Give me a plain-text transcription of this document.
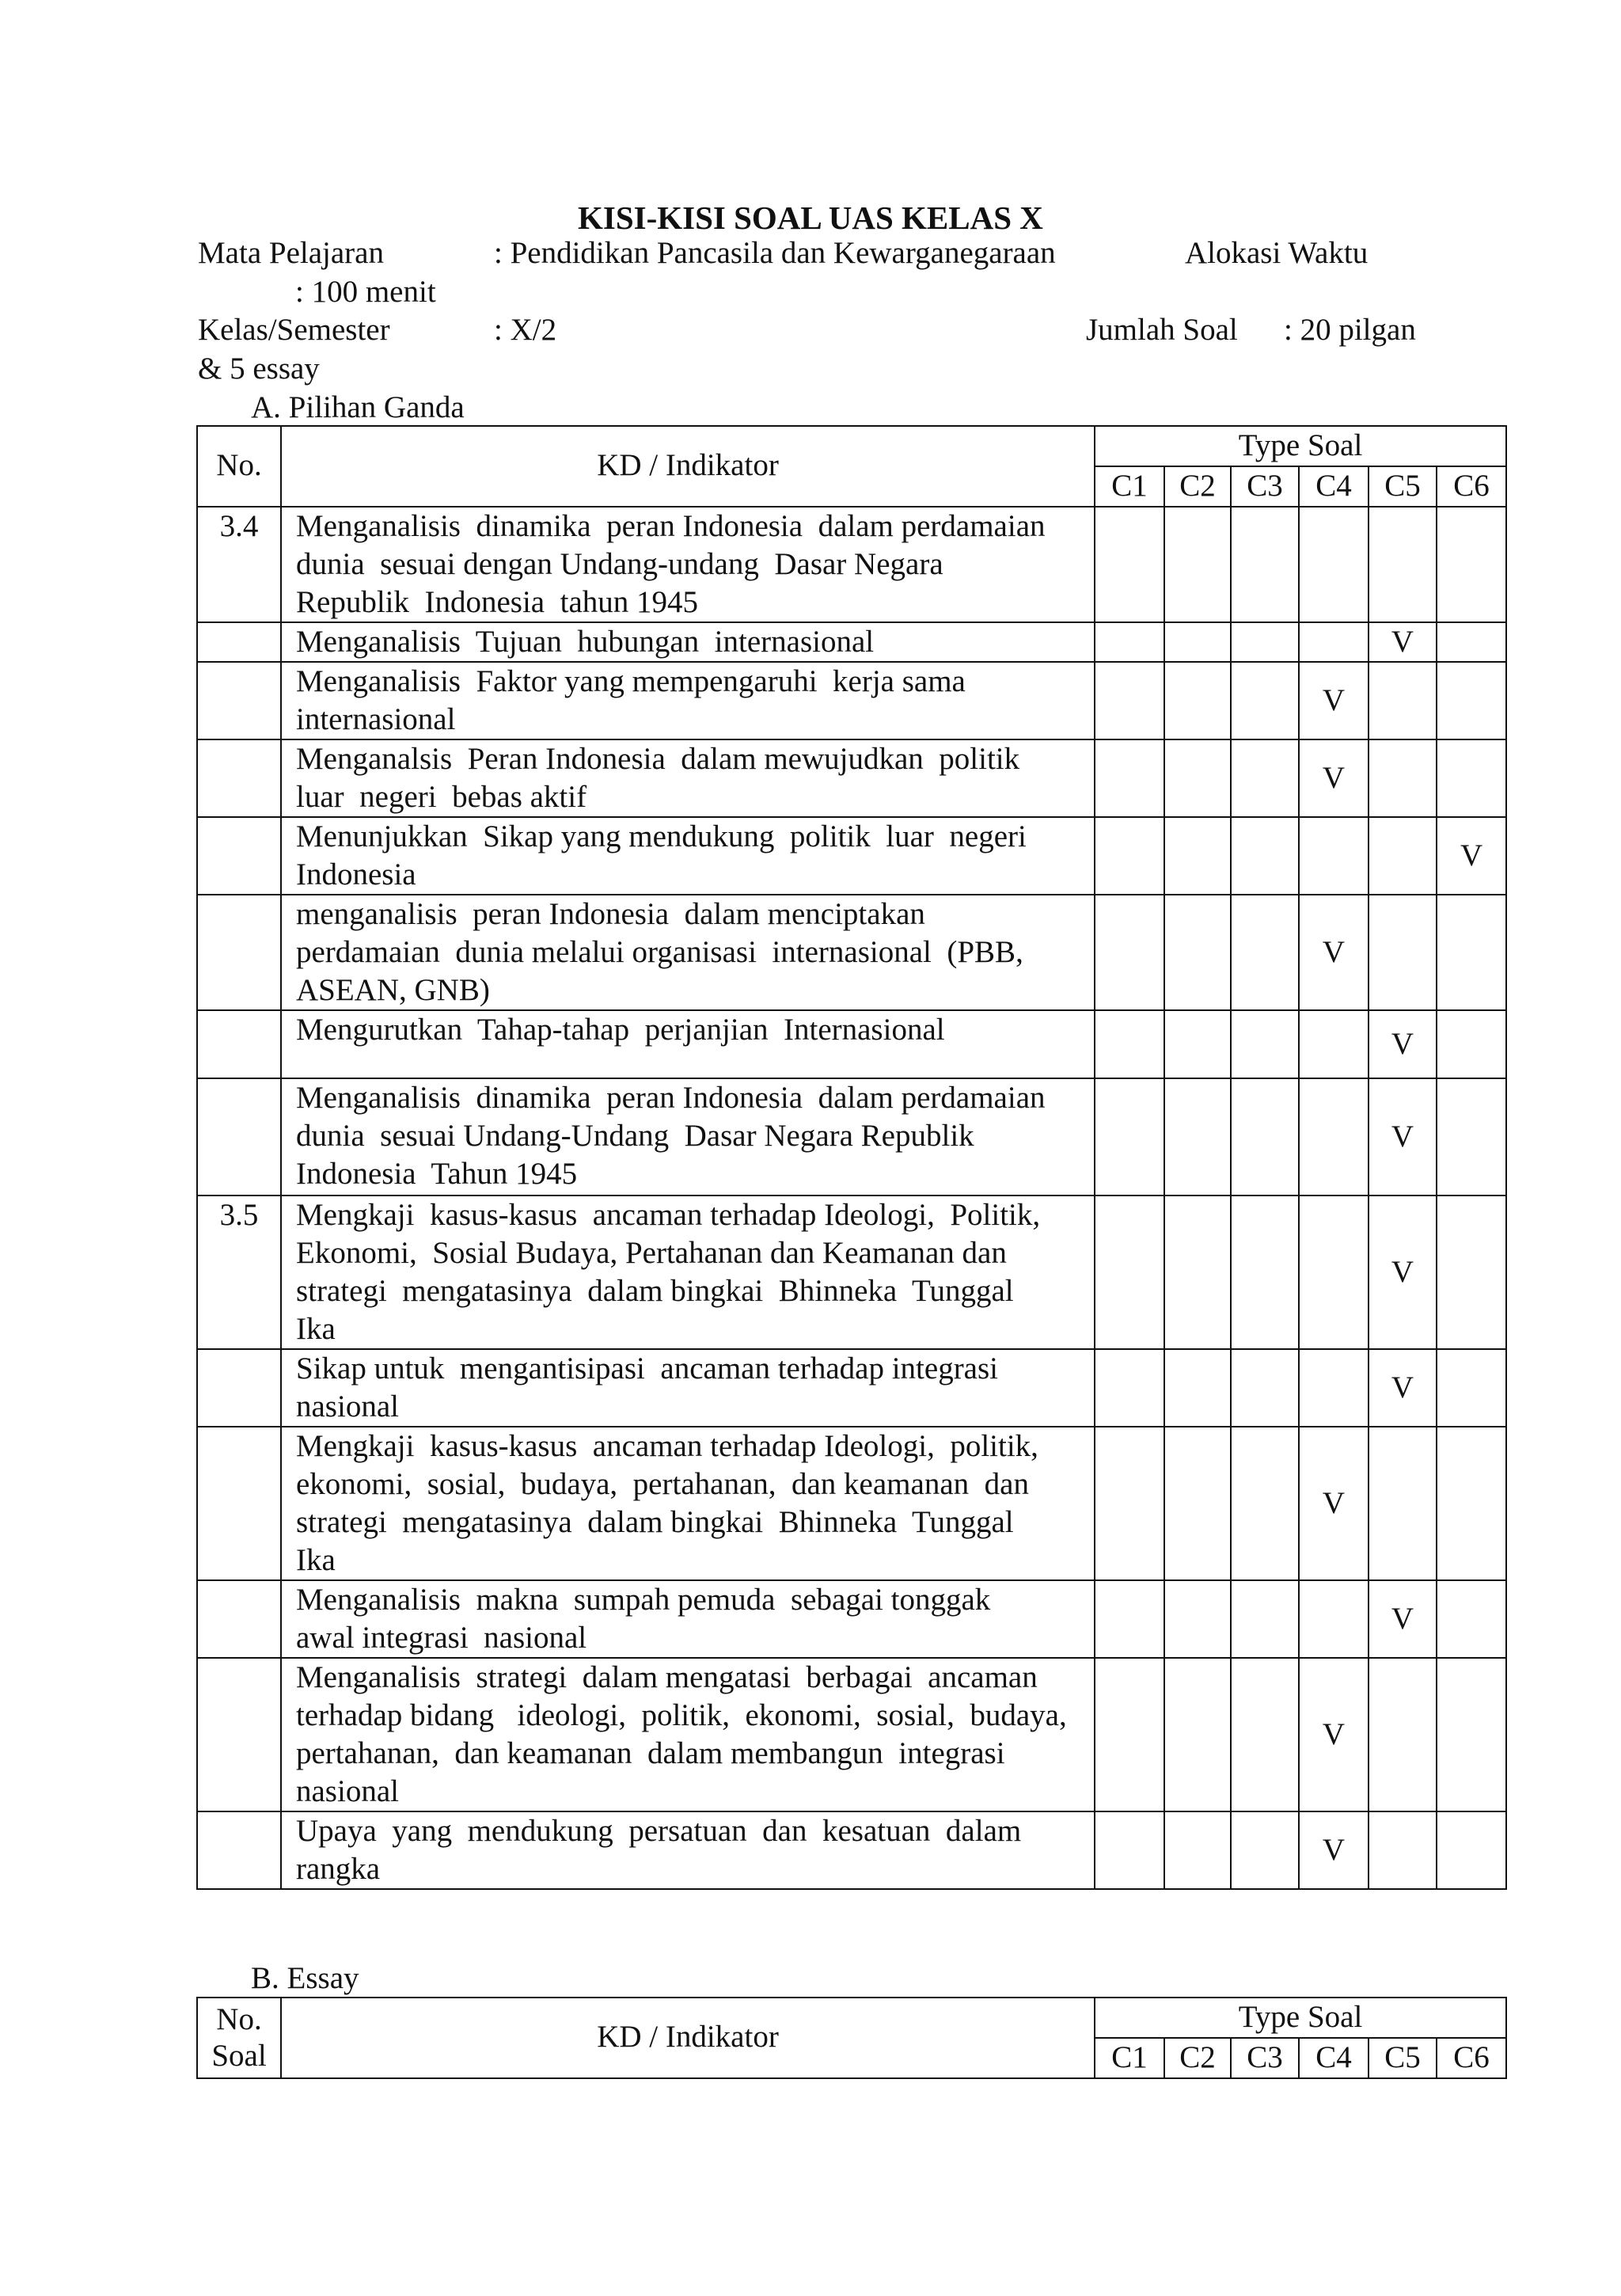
KISI-KISI SOAL UAS KELAS X
Mata Pelajaran	: Pendidikan Pancasila dan Kewarganegaraan	Alokasi Waktu
: 100 menit
Kelas/Semester	: X/2	Jumlah Soal : 20 pilgan
& 5 essay
A. Pilihan Ganda
No.	KD / Indikator	Type Soal					
		C1	C2	C3	C4	C5	C6
3.4	Menganalisis  dinamika  peran Indonesia  dalam perdamaian
dunia  sesuai dengan Undang-undang  Dasar Negara
Republik  Indonesia  tahun 1945						

	Menganalisis  Tujuan  hubungan  internasional					V	

	Menganalisis  Faktor yang mempengaruhi  kerja sama
internasional				V		

	Menganalsis  Peran Indonesia  dalam mewujudkan  politik
luar  negeri  bebas aktif				V		

	Menunjukkan  Sikap yang mendukung  politik  luar  negeri
Indonesia						V

	menganalisis  peran Indonesia  dalam menciptakan
perdamaian  dunia melalui organisasi  internasional  (PBB,
ASEAN, GNB)				V		

	Mengurutkan  Tahap-tahap  perjanjian  Internasional					V	

	Menganalisis  dinamika  peran Indonesia  dalam perdamaian
dunia  sesuai Undang-Undang  Dasar Negara Republik
Indonesia  Tahun 1945					V	
3.5	Mengkaji  kasus-kasus  ancaman terhadap Ideologi,  Politik,
Ekonomi,  Sosial Budaya, Pertahanan dan Keamanan dan
strategi  mengatasinya  dalam bingkai  Bhinneka  Tunggal
Ika					V	

	Sikap untuk  mengantisipasi  ancaman terhadap integrasi
nasional					V	

	Mengkaji  kasus-kasus  ancaman terhadap Ideologi,  politik,
ekonomi,  sosial,  budaya,  pertahanan,  dan keamanan  dan
strategi  mengatasinya  dalam bingkai  Bhinneka  Tunggal
Ika				V		

	Menganalisis  makna  sumpah pemuda  sebagai tonggak
awal integrasi  nasional					V	

	Menganalisis  strategi  dalam mengatasi  berbagai  ancaman
terhadap bidang   ideologi,  politik,  ekonomi,  sosial,  budaya,
pertahanan,  dan keamanan  dalam membangun  integrasi
nasional				V		

	Upaya  yang  mendukung  persatuan  dan  kesatuan  dalam
rangka				V		
B. Essay
No.
Soal	KD / Indikator	Type Soal					
		C1	C2	C3	C4	C5	C6
